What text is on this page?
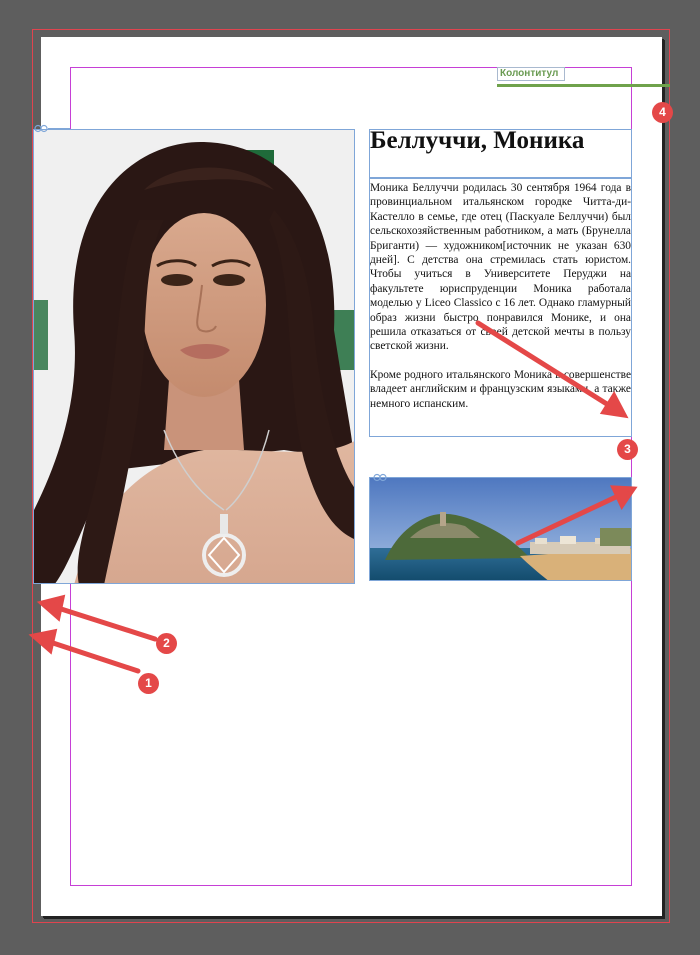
Колонтитул
Беллуччи, Моника

Моника Беллуччи родилась 30 сентября 1964 года в провинциальном итальянском городке Читта-ди-Кастелло в семье, где отец (Паскуале Беллуччи) был сельскохозяйственным работником, а мать (Брунелла Бриганти) — художником[источник не указан 630 дней]. С детства она стремилась стать юристом. Чтобы учиться в Университете Перуджи на факультете юриспруденции Моника работала моделью у Liceo Classico с 16 лет. Однако гламурный образ жизни быстро понравился Монике, и она решила отказаться от своей детской мечты в пользу светской жизни.

Кроме родного итальянского Моника в совершенстве владеет английским и французским языками, а также немного испанским.

1
2
3
4
